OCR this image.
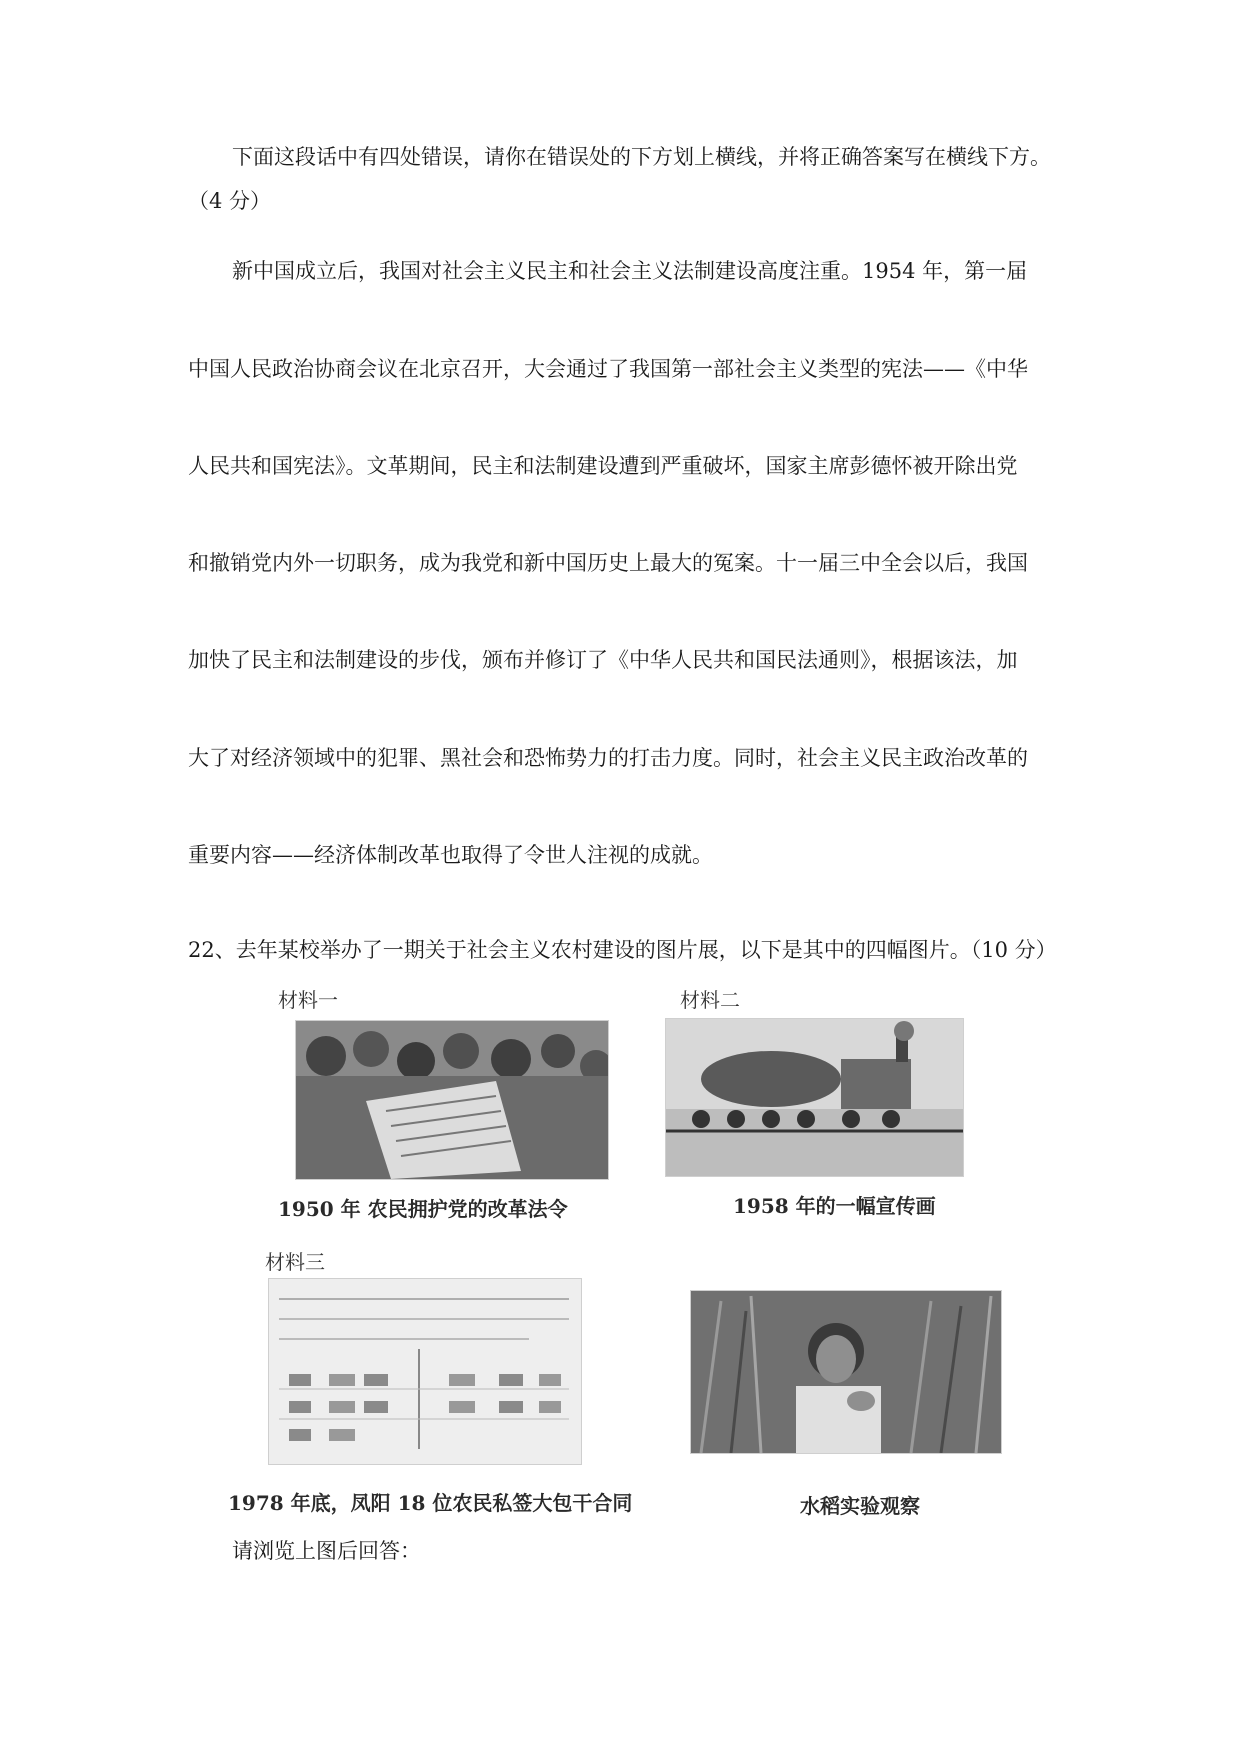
下面这段话中有四处错误，请你在错误处的下方划上横线，并将正确答案写在横线下方。
（4 分）
新中国成立后，我国对社会主义民主和社会主义法制建设高度注重。1954 年，第一届
中国人民政治协商会议在北京召开，大会通过了我国第一部社会主义类型的宪法——《中华
人民共和国宪法》。文革期间，民主和法制建设遭到严重破坏，国家主席彭德怀被开除出党
和撤销党内外一切职务，成为我党和新中国历史上最大的冤案。十一届三中全会以后，我国
加快了民主和法制建设的步伐，颁布并修订了《中华人民共和国民法通则》，根据该法，加
大了对经济领域中的犯罪、黑社会和恐怖势力的打击力度。同时，社会主义民主政治改革的
重要内容——经济体制改革也取得了令世人注视的成就。
22、去年某校举办了一期关于社会主义农村建设的图片展，以下是其中的四幅图片。（10 分）
材料一
1950 年 农民拥护党的改革法令
材料二
1958 年的一幅宣传画
材料三
1978 年底，凤阳 18 位农民私签大包干合同	水稻实验观察
请浏览上图后回答：
